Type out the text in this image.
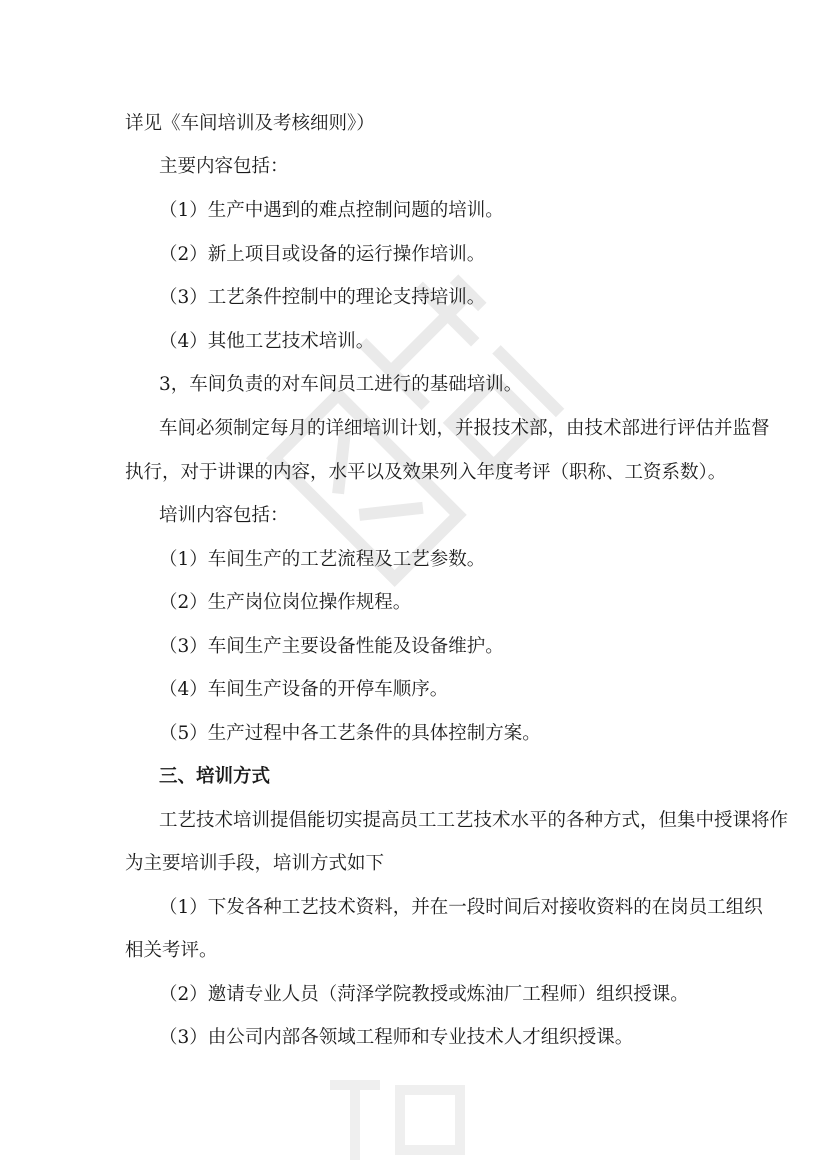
详见《车间培训及考核细则》）
主要内容包括：
（1）生产中遇到的难点控制问题的培训。
（2）新上项目或设备的运行操作培训。
（3）工艺条件控制中的理论支持培训。
（4）其他工艺技术培训。
3，车间负责的对车间员工进行的基础培训。
车间必须制定每月的详细培训计划，并报技术部，由技术部进行评估并监督
执行，对于讲课的内容，水平以及效果列入年度考评（职称、工资系数）。
培训内容包括：
（1）车间生产的工艺流程及工艺参数。
（2）生产岗位岗位操作规程。
（3）车间生产主要设备性能及设备维护。
（4）车间生产设备的开停车顺序。
（5）生产过程中各工艺条件的具体控制方案。
三、培训方式
工艺技术培训提倡能切实提高员工工艺技术水平的各种方式，但集中授课将作
为主要培训手段，培训方式如下
（1）下发各种工艺技术资料，并在一段时间后对接收资料的在岗员工组织
相关考评。
（2）邀请专业人员（菏泽学院教授或炼油厂工程师）组织授课。
（3）由公司内部各领域工程师和专业技术人才组织授课。
